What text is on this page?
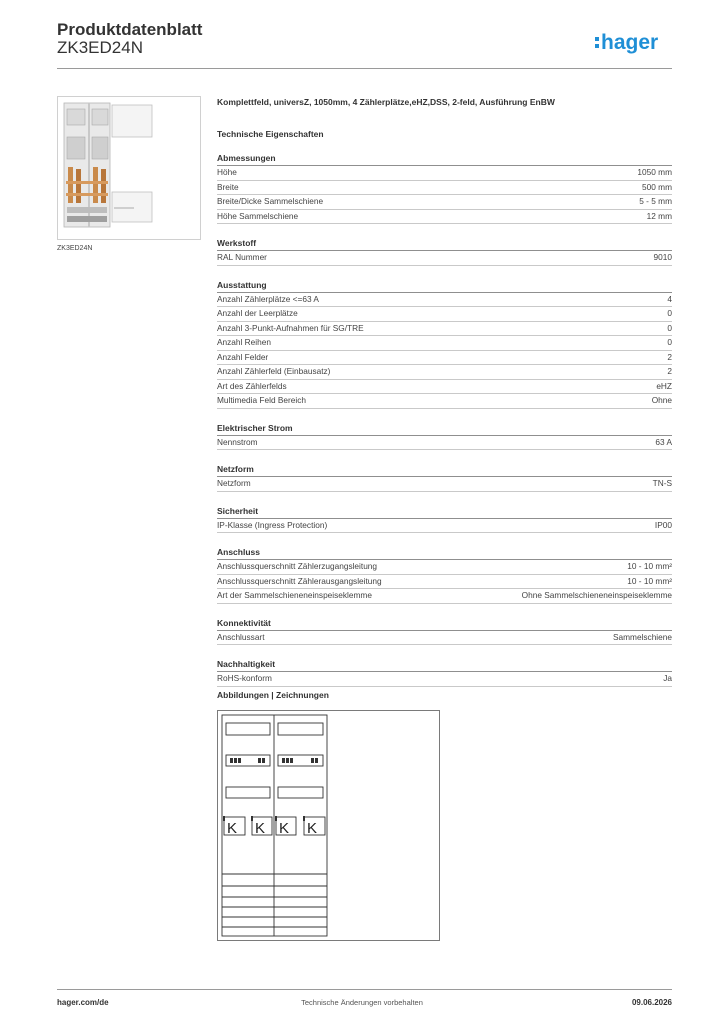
Produktdatenblatt
ZK3ED24N	hager
ZK3ED24N
Komplettfeld, universZ, 1050mm, 4 Zählerplätze,eHZ,DSS, 2-feld, Ausführung EnBW
Technische Eigenschaften
Abmessungen
Höhe	1050 mm
Breite	500 mm
Breite/Dicke Sammelschiene	5 - 5 mm
Höhe Sammelschiene	12 mm
Werkstoff
RAL Nummer	9010
Ausstattung
Anzahl Zählerplätze <=63 A	4
Anzahl der Leerplätze	0
Anzahl 3-Punkt-Aufnahmen für SG/TRE	0
Anzahl Reihen	0
Anzahl Felder	2
Anzahl Zählerfeld (Einbausatz)	2
Art des Zählerfelds	eHZ
Multimedia Feld Bereich	Ohne
Elektrischer Strom
Nennstrom	63 A
Netzform
Netzform	TN-S
Sicherheit
IP-Klasse (Ingress Protection)	IP00
Anschluss
Anschlussquerschnitt Zählerzugangsleitung	10 - 10 mm²
Anschlussquerschnitt Zählerausgangsleitung	10 - 10 mm²
Art der Sammelschieneneinspeiseklemme	Ohne Sammelschieneneinspeiseklemme
Konnektivität
Anschlussart	Sammelschiene
Nachhaltigkeit
RoHS-konform	Ja
Abbildungen | Zeichnungen
K K K K
hager.com/de	Technische Änderungen vorbehalten	09.06.2026
